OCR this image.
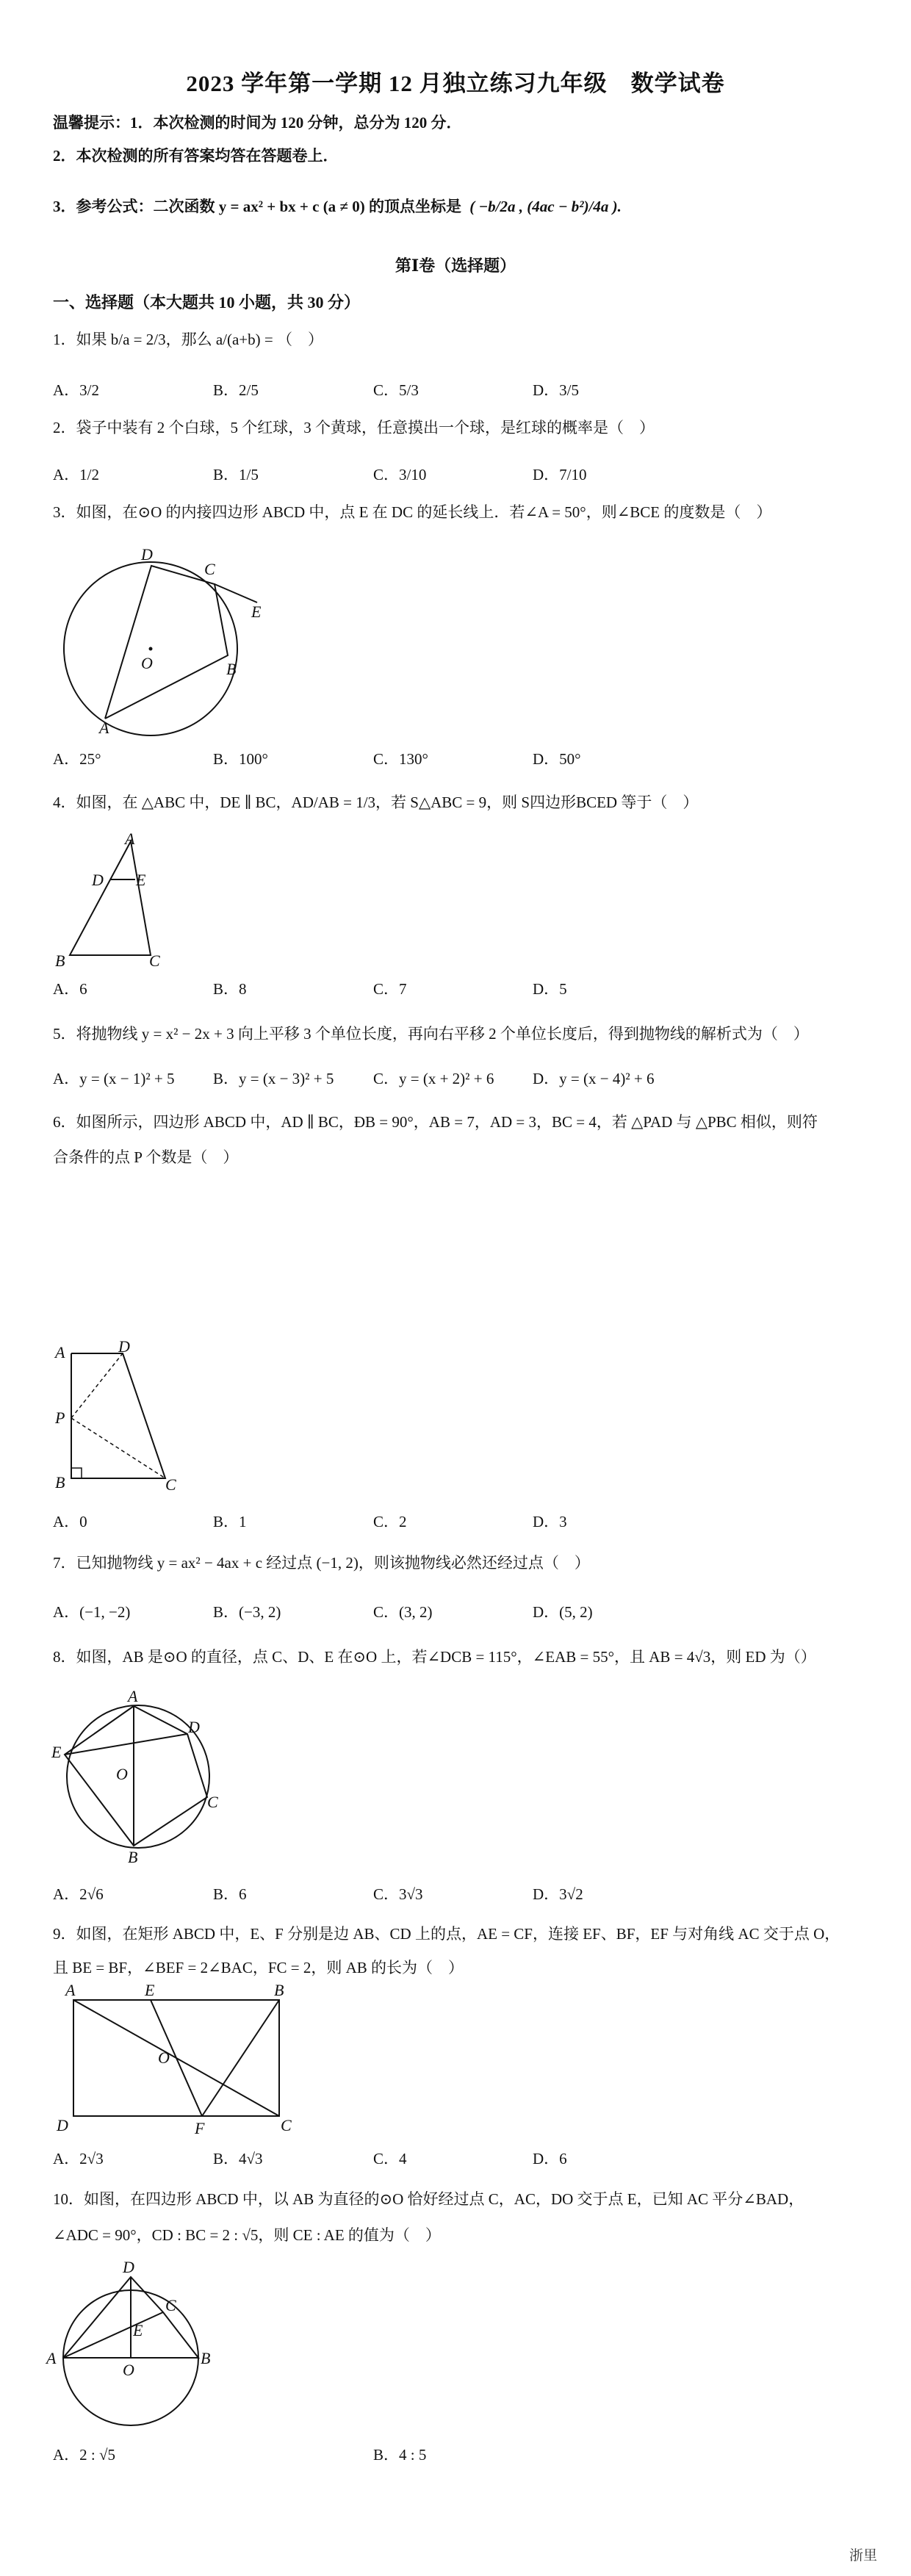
2023 学年第一学期 12 月独立练习九年级　数学试卷
温馨提示：1．本次检测的时间为 120 分钟，总分为 120 分．
2．本次检测的所有答案均答在答题卷上．
3．参考公式：二次函数 y = ax² + bx + c (a ≠ 0) 的顶点坐标是 ( −b/2a , (4ac − b²)/4a ).
第Ⅰ卷（选择题）
一、选择题（本大题共 10 小题，共 30 分）
1．如果 b/a = 2/3，那么 a/(a+b) = （　）
A．3/2	B．2/5	C．5/3	D．3/5
2．袋子中装有 2 个白球，5 个红球，3 个黄球，任意摸出一个球，是红球的概率是（　）
A．1/2	B．1/5	C．3/10	D．7/10
3．如图，在⊙O 的内接四边形 ABCD 中，点 E 在 DC 的延长线上．若∠A = 50°，则∠BCE 的度数是（　）
D
C
E
O	B
A
A．25°	B．100°	C．130°	D．50°
4．如图，在 △ABC 中，DE ∥ BC，AD/AB = 1/3，若 S△ABC = 9，则 S四边形BCED 等于（　）
A
D E
B	C
A．6	B．8	C．7	D．5
5．将抛物线 y = x² − 2x + 3 向上平移 3 个单位长度，再向右平移 2 个单位长度后，得到抛物线的解析式为（　）
A．y = (x − 1)² + 5	B．y = (x − 3)² + 5	C．y = (x + 2)² + 6	D．y = (x − 4)² + 6
6．如图所示，四边形 ABCD 中，AD ∥ BC，ÐB = 90°，AB = 7，AD = 3，BC = 4，若 △PAD 与 △PBC 相似，则符
合条件的点 P 个数是（　）
A	D
P
B	C
A．0	B．1	C．2	D．3
7．已知抛物线 y = ax² − 4ax + c 经过点 (−1, 2)，则该抛物线必然还经过点（　）
A．(−1, −2)	B．(−3, 2)	C．(3, 2)	D．(5, 2)
8．如图，AB 是⊙O 的直径，点 C、D、E 在⊙O 上，若∠DCB = 115°，∠EAB = 55°，且 AB = 4√3，则 ED 为（）
A
D
E
O
C
B
A．2√6	B．6	C．3√3	D．3√2
9．如图，在矩形 ABCD 中，E、F 分别是边 AB、CD 上的点，AE = CF，连接 EF、BF，EF 与对角线 AC 交于点 O，
且 BE = BF，∠BEF = 2∠BAC，FC = 2，则 AB 的长为（　）
A	E	B
O
D	F	C
A．2√3	B．4√3	C．4	D．6
10．如图，在四边形 ABCD 中，以 AB 为直径的⊙O 恰好经过点 C，AC，DO 交于点 E，已知 AC 平分∠BAD，
∠ADC = 90°，CD : BC = 2 : √5，则 CE : AE 的值为（　）
D
C
E
A
O
B
A．2 : √5	B．4 : 5
浙里
